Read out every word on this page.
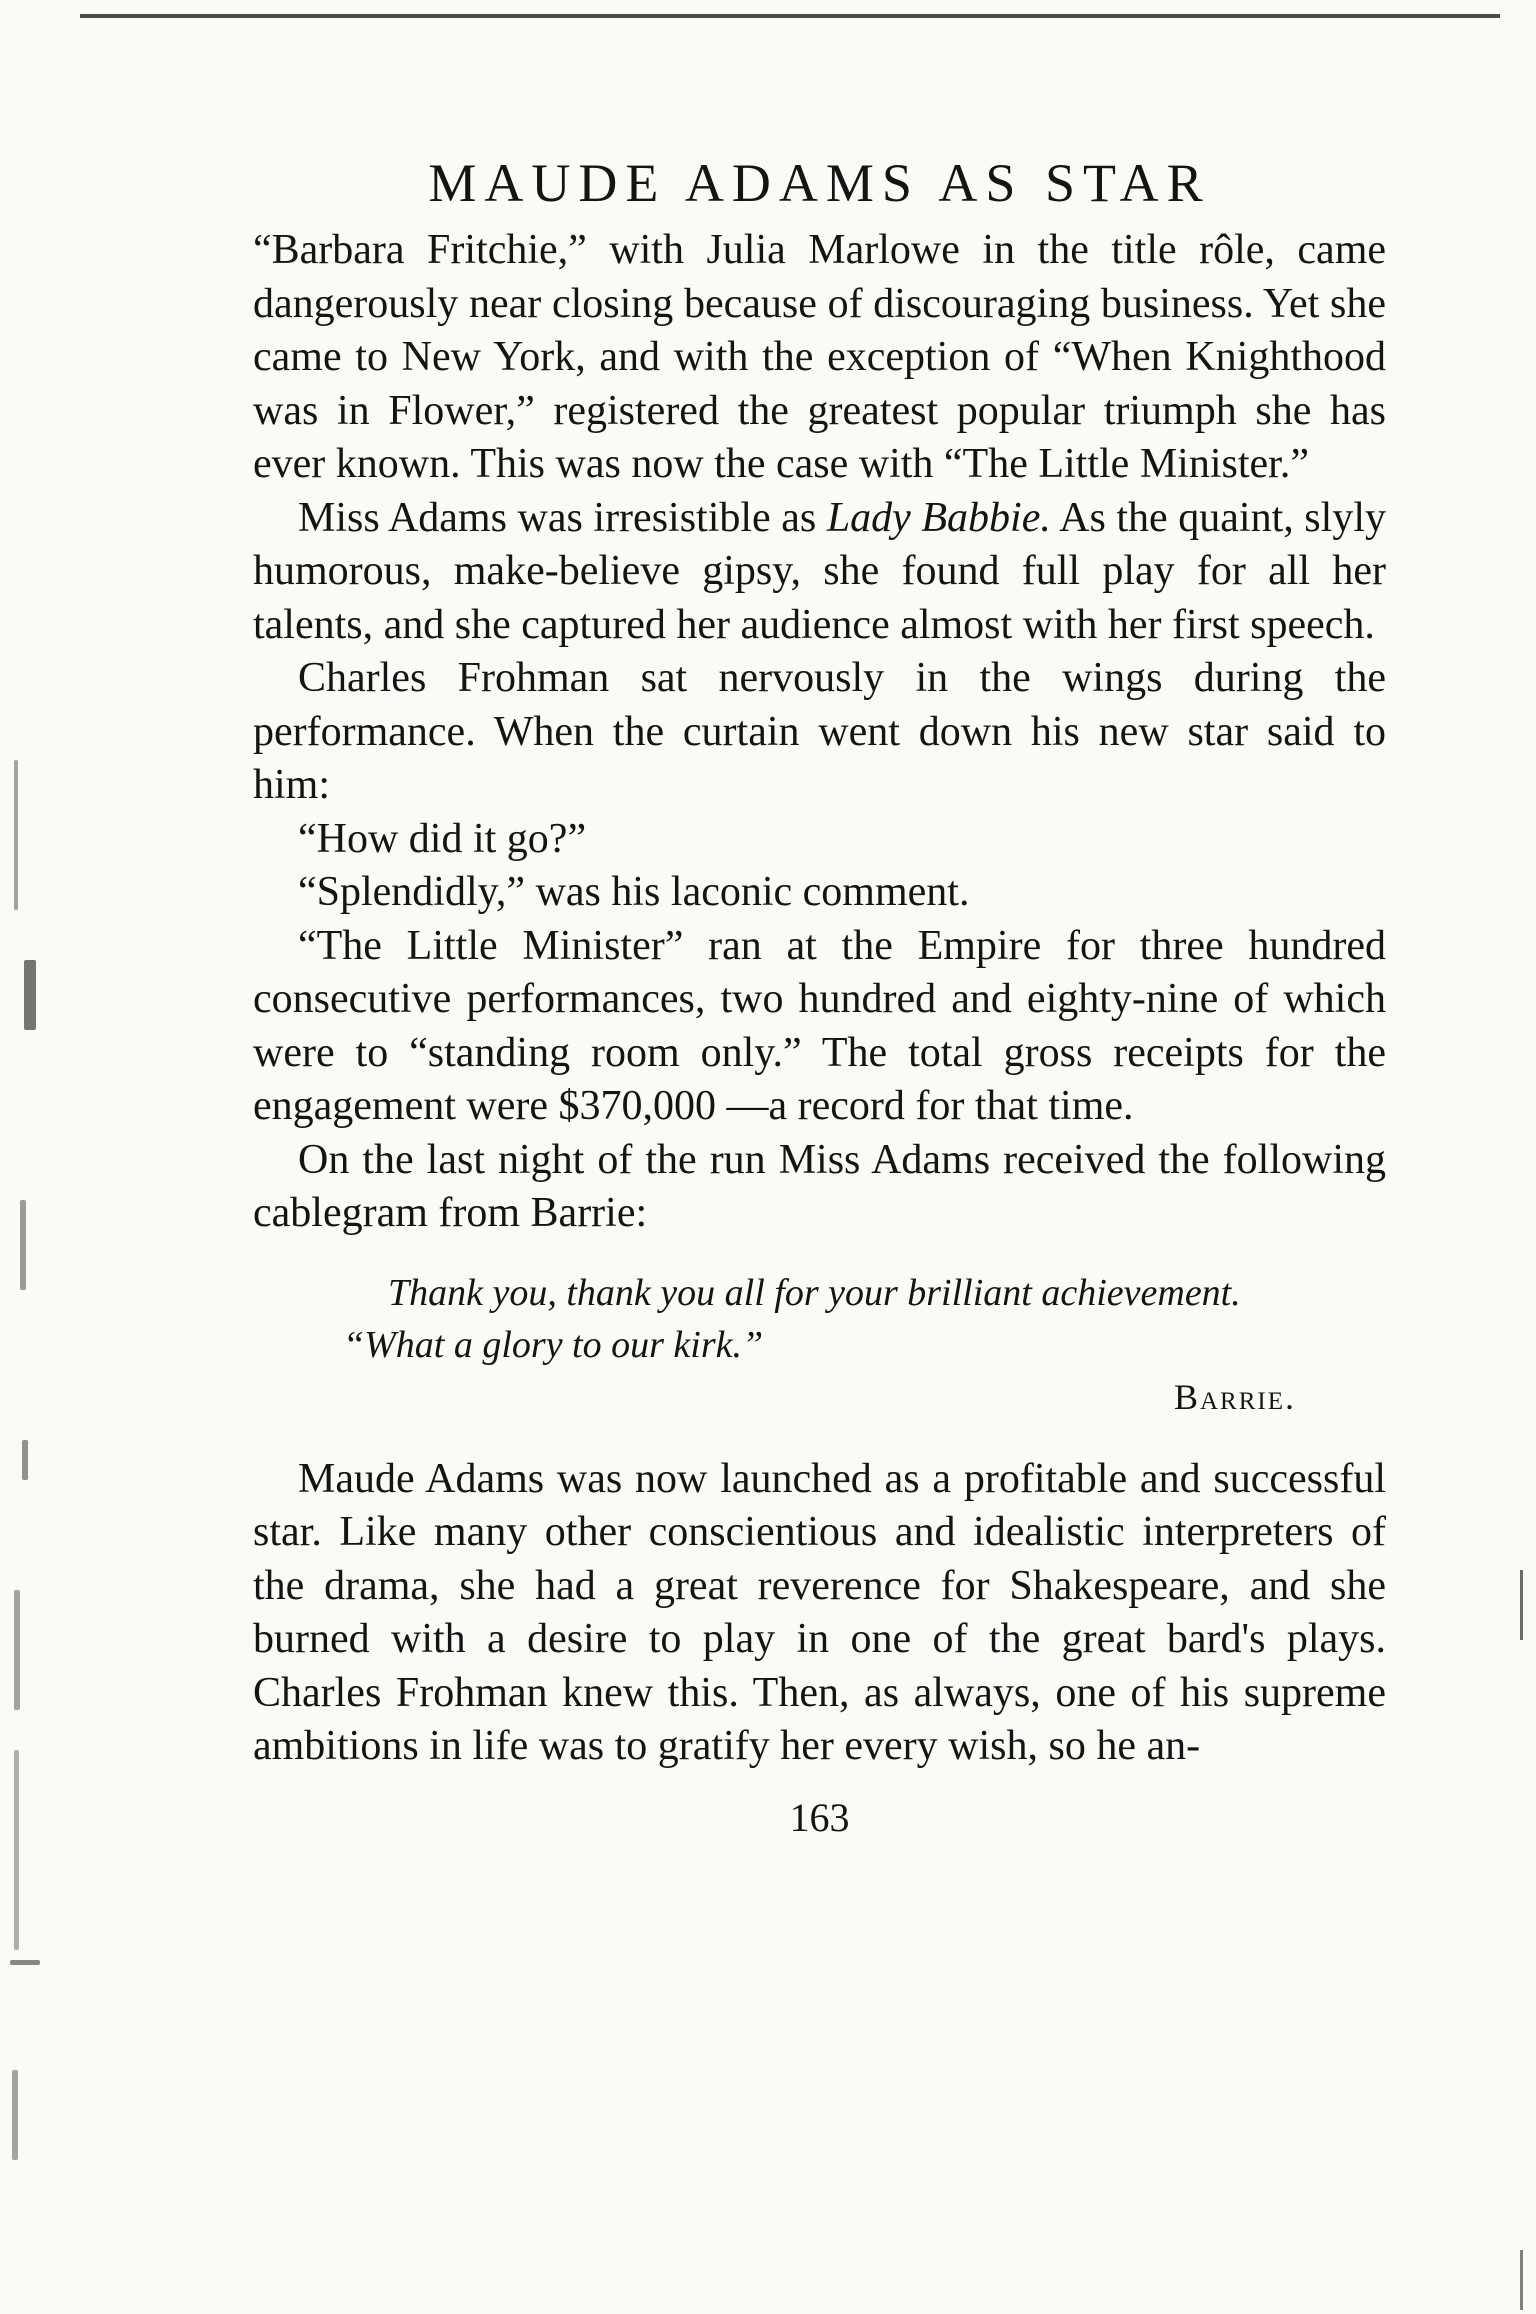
MAUDE ADAMS AS STAR

“Barbara Fritchie,” with Julia Marlowe in the title rôle, came dangerously near closing because of discouraging business. Yet she came to New York, and with the exception of “When Knighthood was in Flower,” registered the greatest popular triumph she has ever known. This was now the case with “The Little Minister.”

Miss Adams was irresistible as Lady Babbie. As the quaint, slyly humorous, make-believe gipsy, she found full play for all her talents, and she captured her audience almost with her first speech.

Charles Frohman sat nervously in the wings during the performance. When the curtain went down his new star said to him:

“How did it go?”

“Splendidly,” was his laconic comment.

“The Little Minister” ran at the Empire for three hundred consecutive performances, two hundred and eighty-nine of which were to “standing room only.” The total gross receipts for the engagement were $370,000 —a record for that time.

On the last night of the run Miss Adams received the following cablegram from Barrie:

Thank you, thank you all for your brilliant achievement. “What a glory to our kirk.”

Barrie.

Maude Adams was now launched as a profitable and successful star. Like many other conscientious and idealistic interpreters of the drama, she had a great reverence for Shakespeare, and she burned with a desire to play in one of the great bard's plays. Charles Frohman knew this. Then, as always, one of his supreme ambitions in life was to gratify her every wish, so he an-

163
